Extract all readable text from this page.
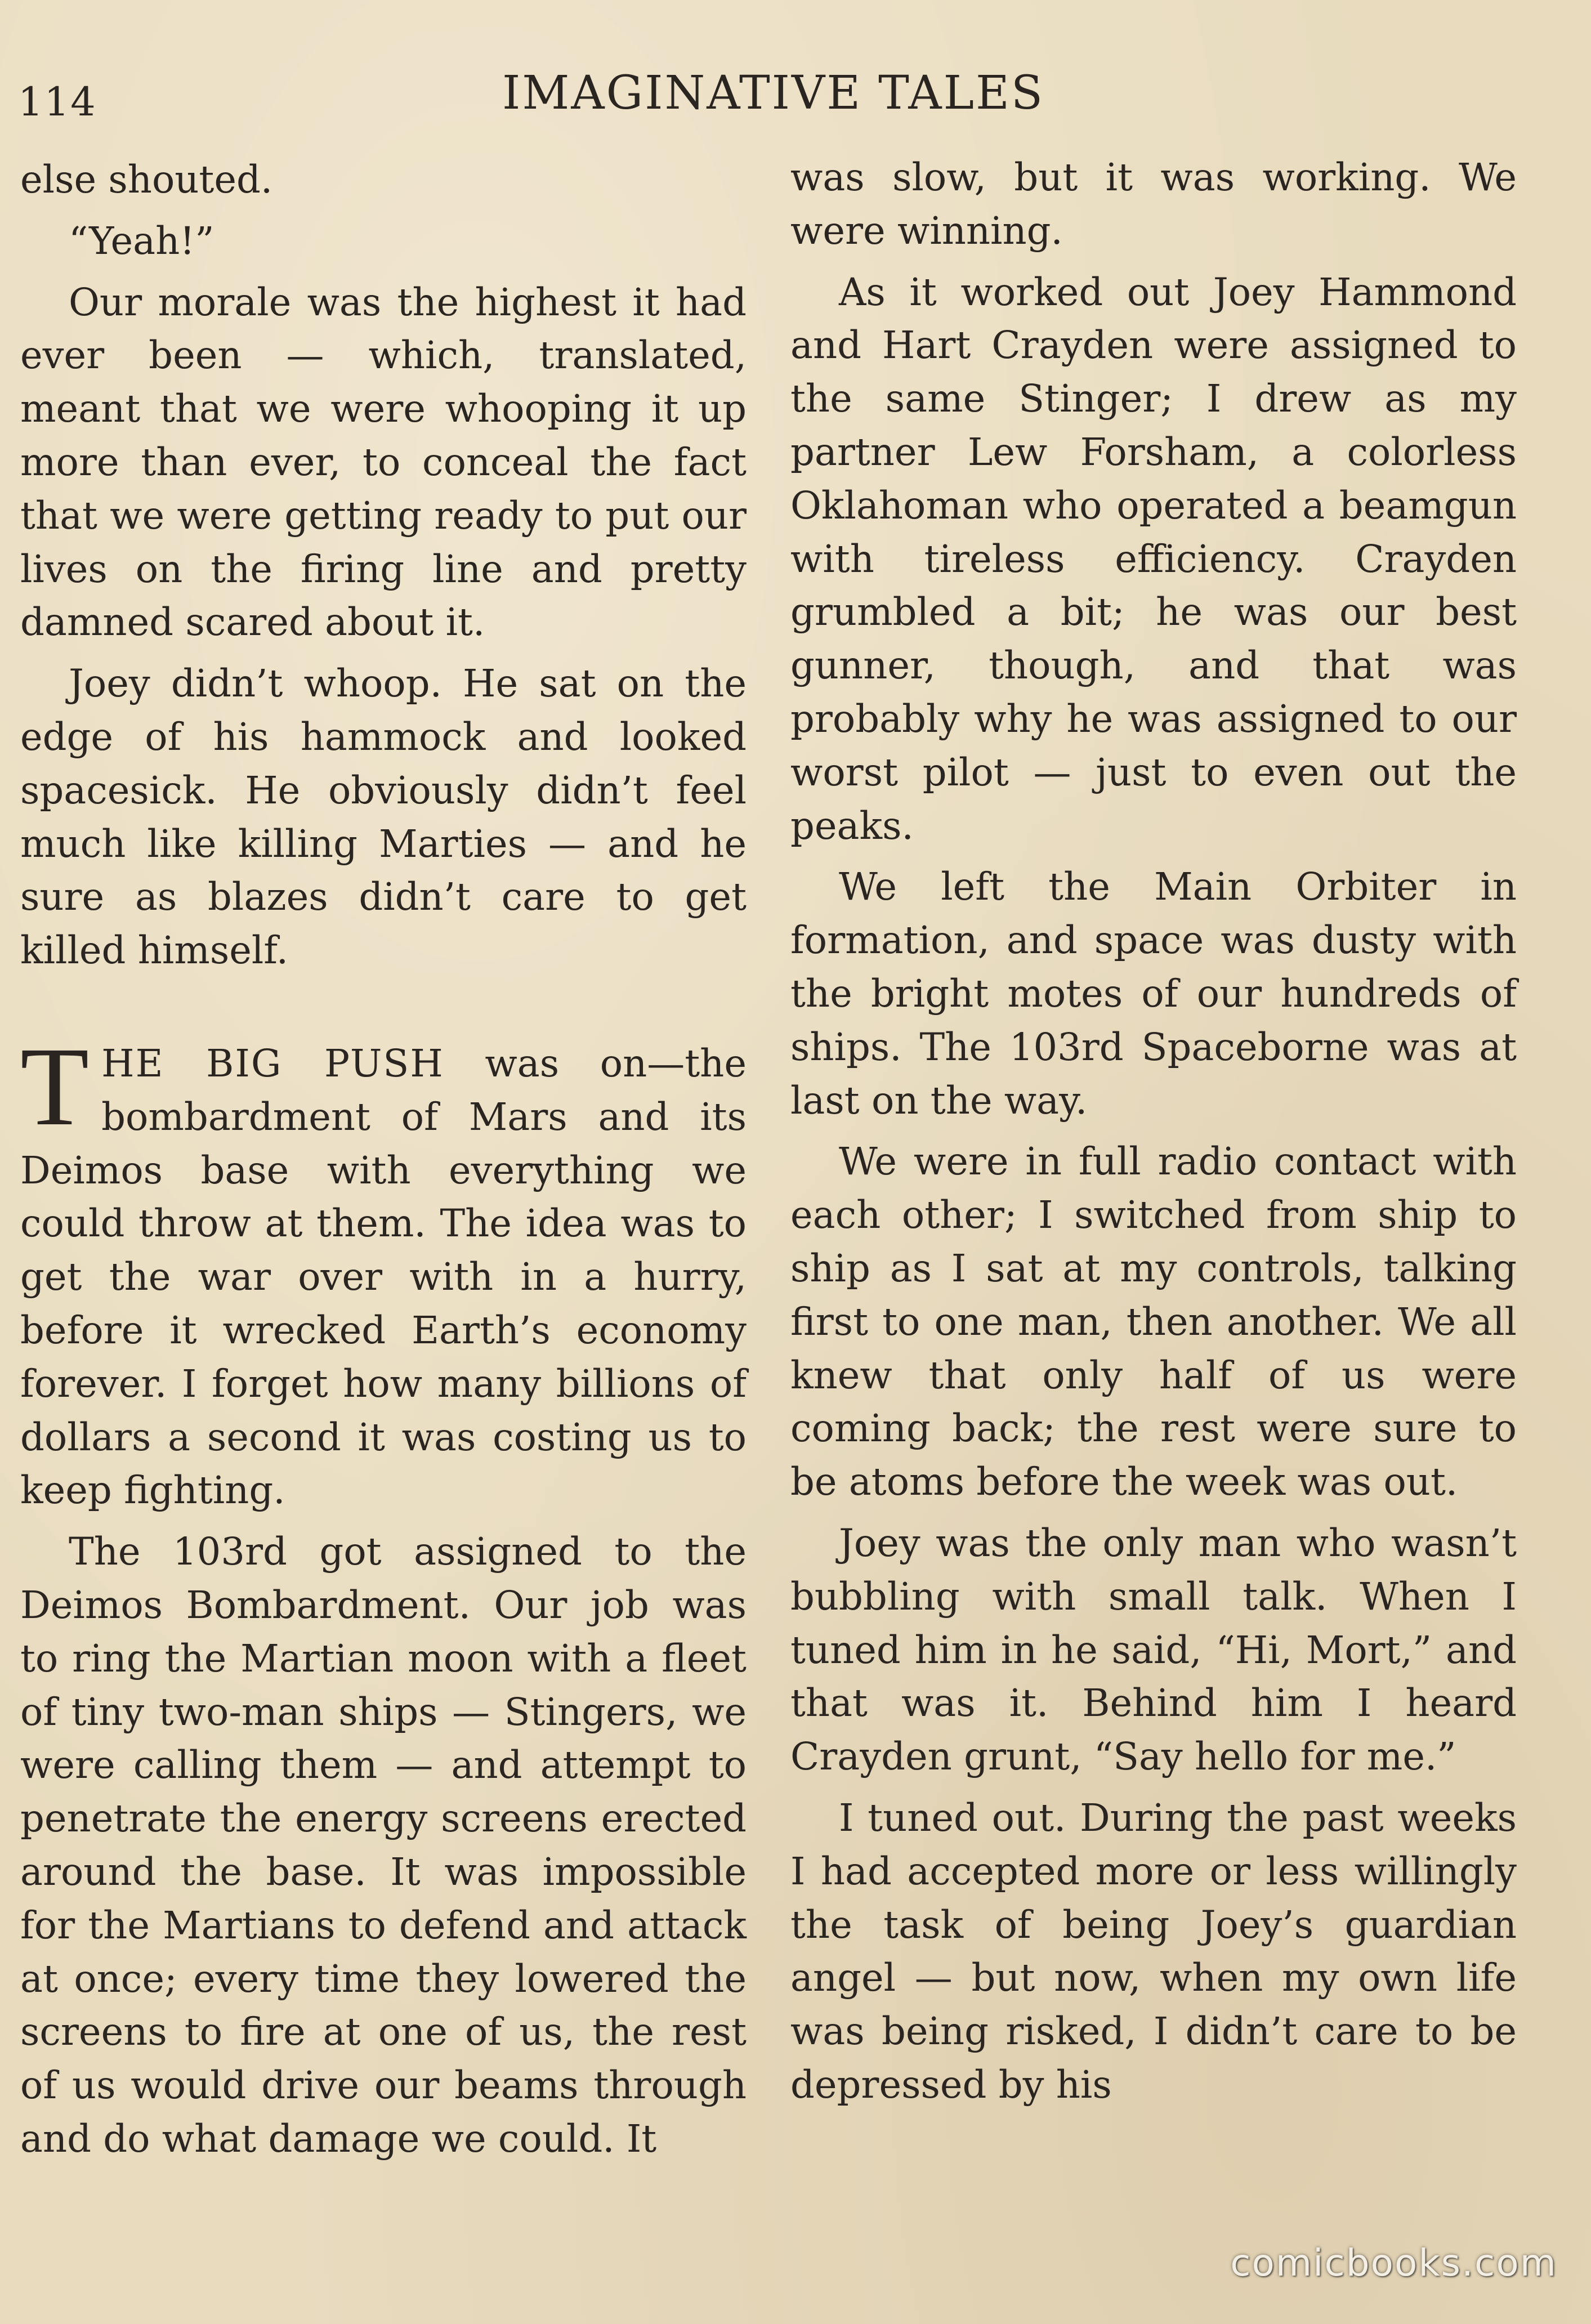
114	IMAGINATIVE TALES

else shouted.

“Yeah!”

Our morale was the highest it had ever been — which, translated, meant that we were whooping it up more than ever, to conceal the fact that we were getting ready to put our lives on the firing line and pretty damned scared about it.

Joey didn’t whoop. He sat on the edge of his hammock and looked spacesick. He obviously didn’t feel much like killing Marties — and he sure as blazes didn’t care to get killed himself.

THE BIG PUSH was on—the bombardment of Mars and its Deimos base with everything we could throw at them. The idea was to get the war over with in a hurry, before it wrecked Earth’s economy forever. I forget how many billions of dollars a second it was costing us to keep fighting.

The 103rd got assigned to the Deimos Bombardment. Our job was to ring the Martian moon with a fleet of tiny two-man ships — Stingers, we were calling them — and attempt to penetrate the energy screens erected around the base. It was impossible for the Martians to defend and attack at once; every time they lowered the screens to fire at one of us, the rest of us would drive our beams through and do what damage we could. It

was slow, but it was working. We were winning.

As it worked out Joey Hammond and Hart Crayden were assigned to the same Stinger; I drew as my partner Lew Forsham, a colorless Oklahoman who operated a beamgun with tireless efficiency. Crayden grumbled a bit; he was our best gunner, though, and that was probably why he was assigned to our worst pilot — just to even out the peaks.

We left the Main Orbiter in formation, and space was dusty with the bright motes of our hundreds of ships. The 103rd Spaceborne was at last on the way.

We were in full radio contact with each other; I switched from ship to ship as I sat at my controls, talking first to one man, then another. We all knew that only half of us were coming back; the rest were sure to be atoms before the week was out.

Joey was the only man who wasn’t bubbling with small talk. When I tuned him in he said, “Hi, Mort,” and that was it. Behind him I heard Crayden grunt, “Say hello for me.”

I tuned out. During the past weeks I had accepted more or less willingly the task of being Joey’s guardian angel — but now, when my own life was being risked, I didn’t care to be depressed by his

comicbooks.com
